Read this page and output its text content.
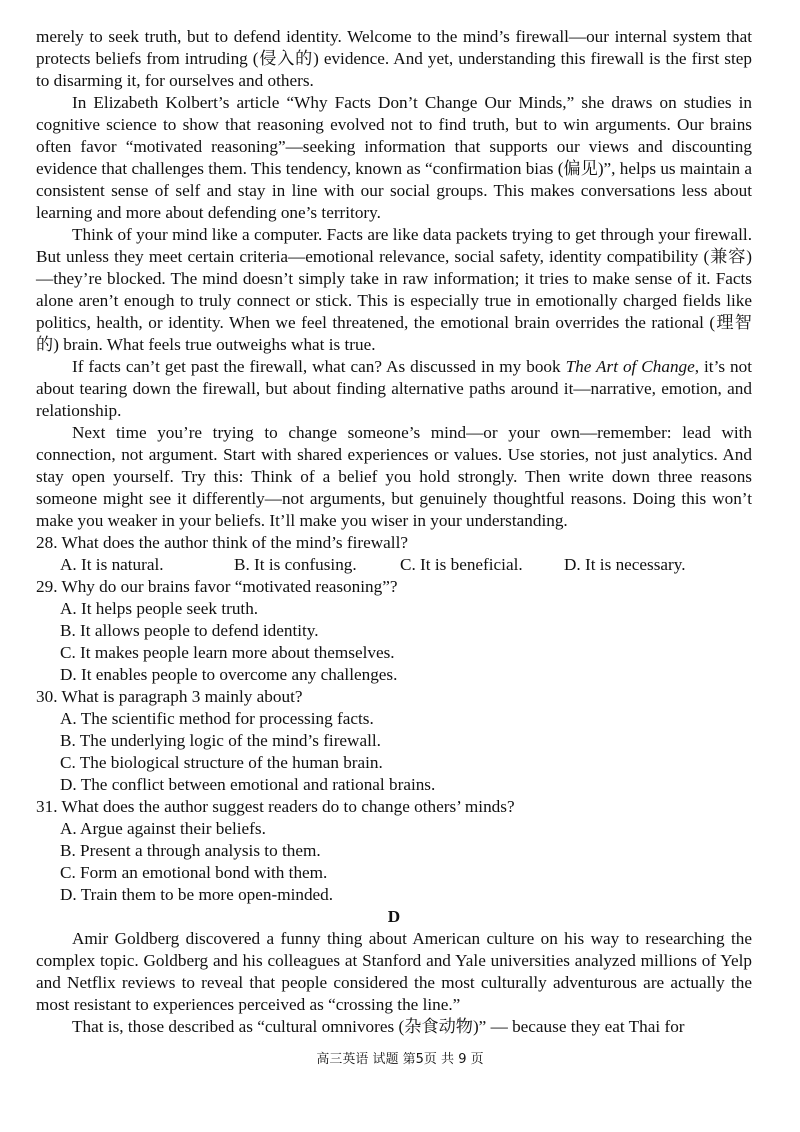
merely to seek truth, but to defend identity. Welcome to the mind’s firewall—our internal system that protects beliefs from intruding (侵入的) evidence. And yet, understanding this firewall is the first step to disarming it, for ourselves and others.

In Elizabeth Kolbert’s article “Why Facts Don’t Change Our Minds,” she draws on studies in cognitive science to show that reasoning evolved not to find truth, but to win arguments. Our brains often favor “motivated reasoning”—seeking information that supports our views and discounting evidence that challenges them. This tendency, known as “confirmation bias (偏见)”, helps us maintain a consistent sense of self and stay in line with our social groups. This makes conversations less about learning and more about defending one’s territory.

Think of your mind like a computer. Facts are like data packets trying to get through your firewall. But unless they meet certain criteria—emotional relevance, social safety, identity compatibility (兼容)—they’re blocked. The mind doesn’t simply take in raw information; it tries to make sense of it. Facts alone aren’t enough to truly connect or stick. This is especially true in emotionally charged fields like politics, health, or identity. When we feel threatened, the emotional brain overrides the rational (理智的) brain. What feels true outweighs what is true.

If facts can’t get past the firewall, what can? As discussed in my book The Art of Change, it’s not about tearing down the firewall, but about finding alternative paths around it—narrative, emotion, and relationship.

Next time you’re trying to change someone’s mind—or your own—remember: lead with connection, not argument. Start with shared experiences or values. Use stories, not just analytics. And stay open yourself. Try this: Think of a belief you hold strongly. Then write down three reasons someone might see it differently—not arguments, but genuinely thoughtful reasons. Doing this won’t make you weaker in your beliefs. It’ll make you wiser in your understanding.

28. What does the author think of the mind’s firewall?

A. It is natural.	B. It is confusing.	C. It is beneficial.	D. It is necessary.

29. Why do our brains favor “motivated reasoning”?

A. It helps people seek truth.

B. It allows people to defend identity.

C. It makes people learn more about themselves.

D. It enables people to overcome any challenges.

30. What is paragraph 3 mainly about?

A. The scientific method for processing facts.

B. The underlying logic of the mind’s firewall.

C. The biological structure of the human brain.

D. The conflict between emotional and rational brains.

31. What does the author suggest readers do to change others’ minds?

A. Argue against their beliefs.

B. Present a through analysis to them.

C. Form an emotional bond with them.

D. Train them to be more open-minded.

D

Amir Goldberg discovered a funny thing about American culture on his way to researching the complex topic. Goldberg and his colleagues at Stanford and Yale universities analyzed millions of Yelp and Netflix reviews to reveal that people considered the most culturally adventurous are actually the most resistant to experiences perceived as “crossing the line.”

That is, those described as “cultural omnivores (杂食动物)” — because they eat Thai for

高三英语 试题 第5页 共 9 页
